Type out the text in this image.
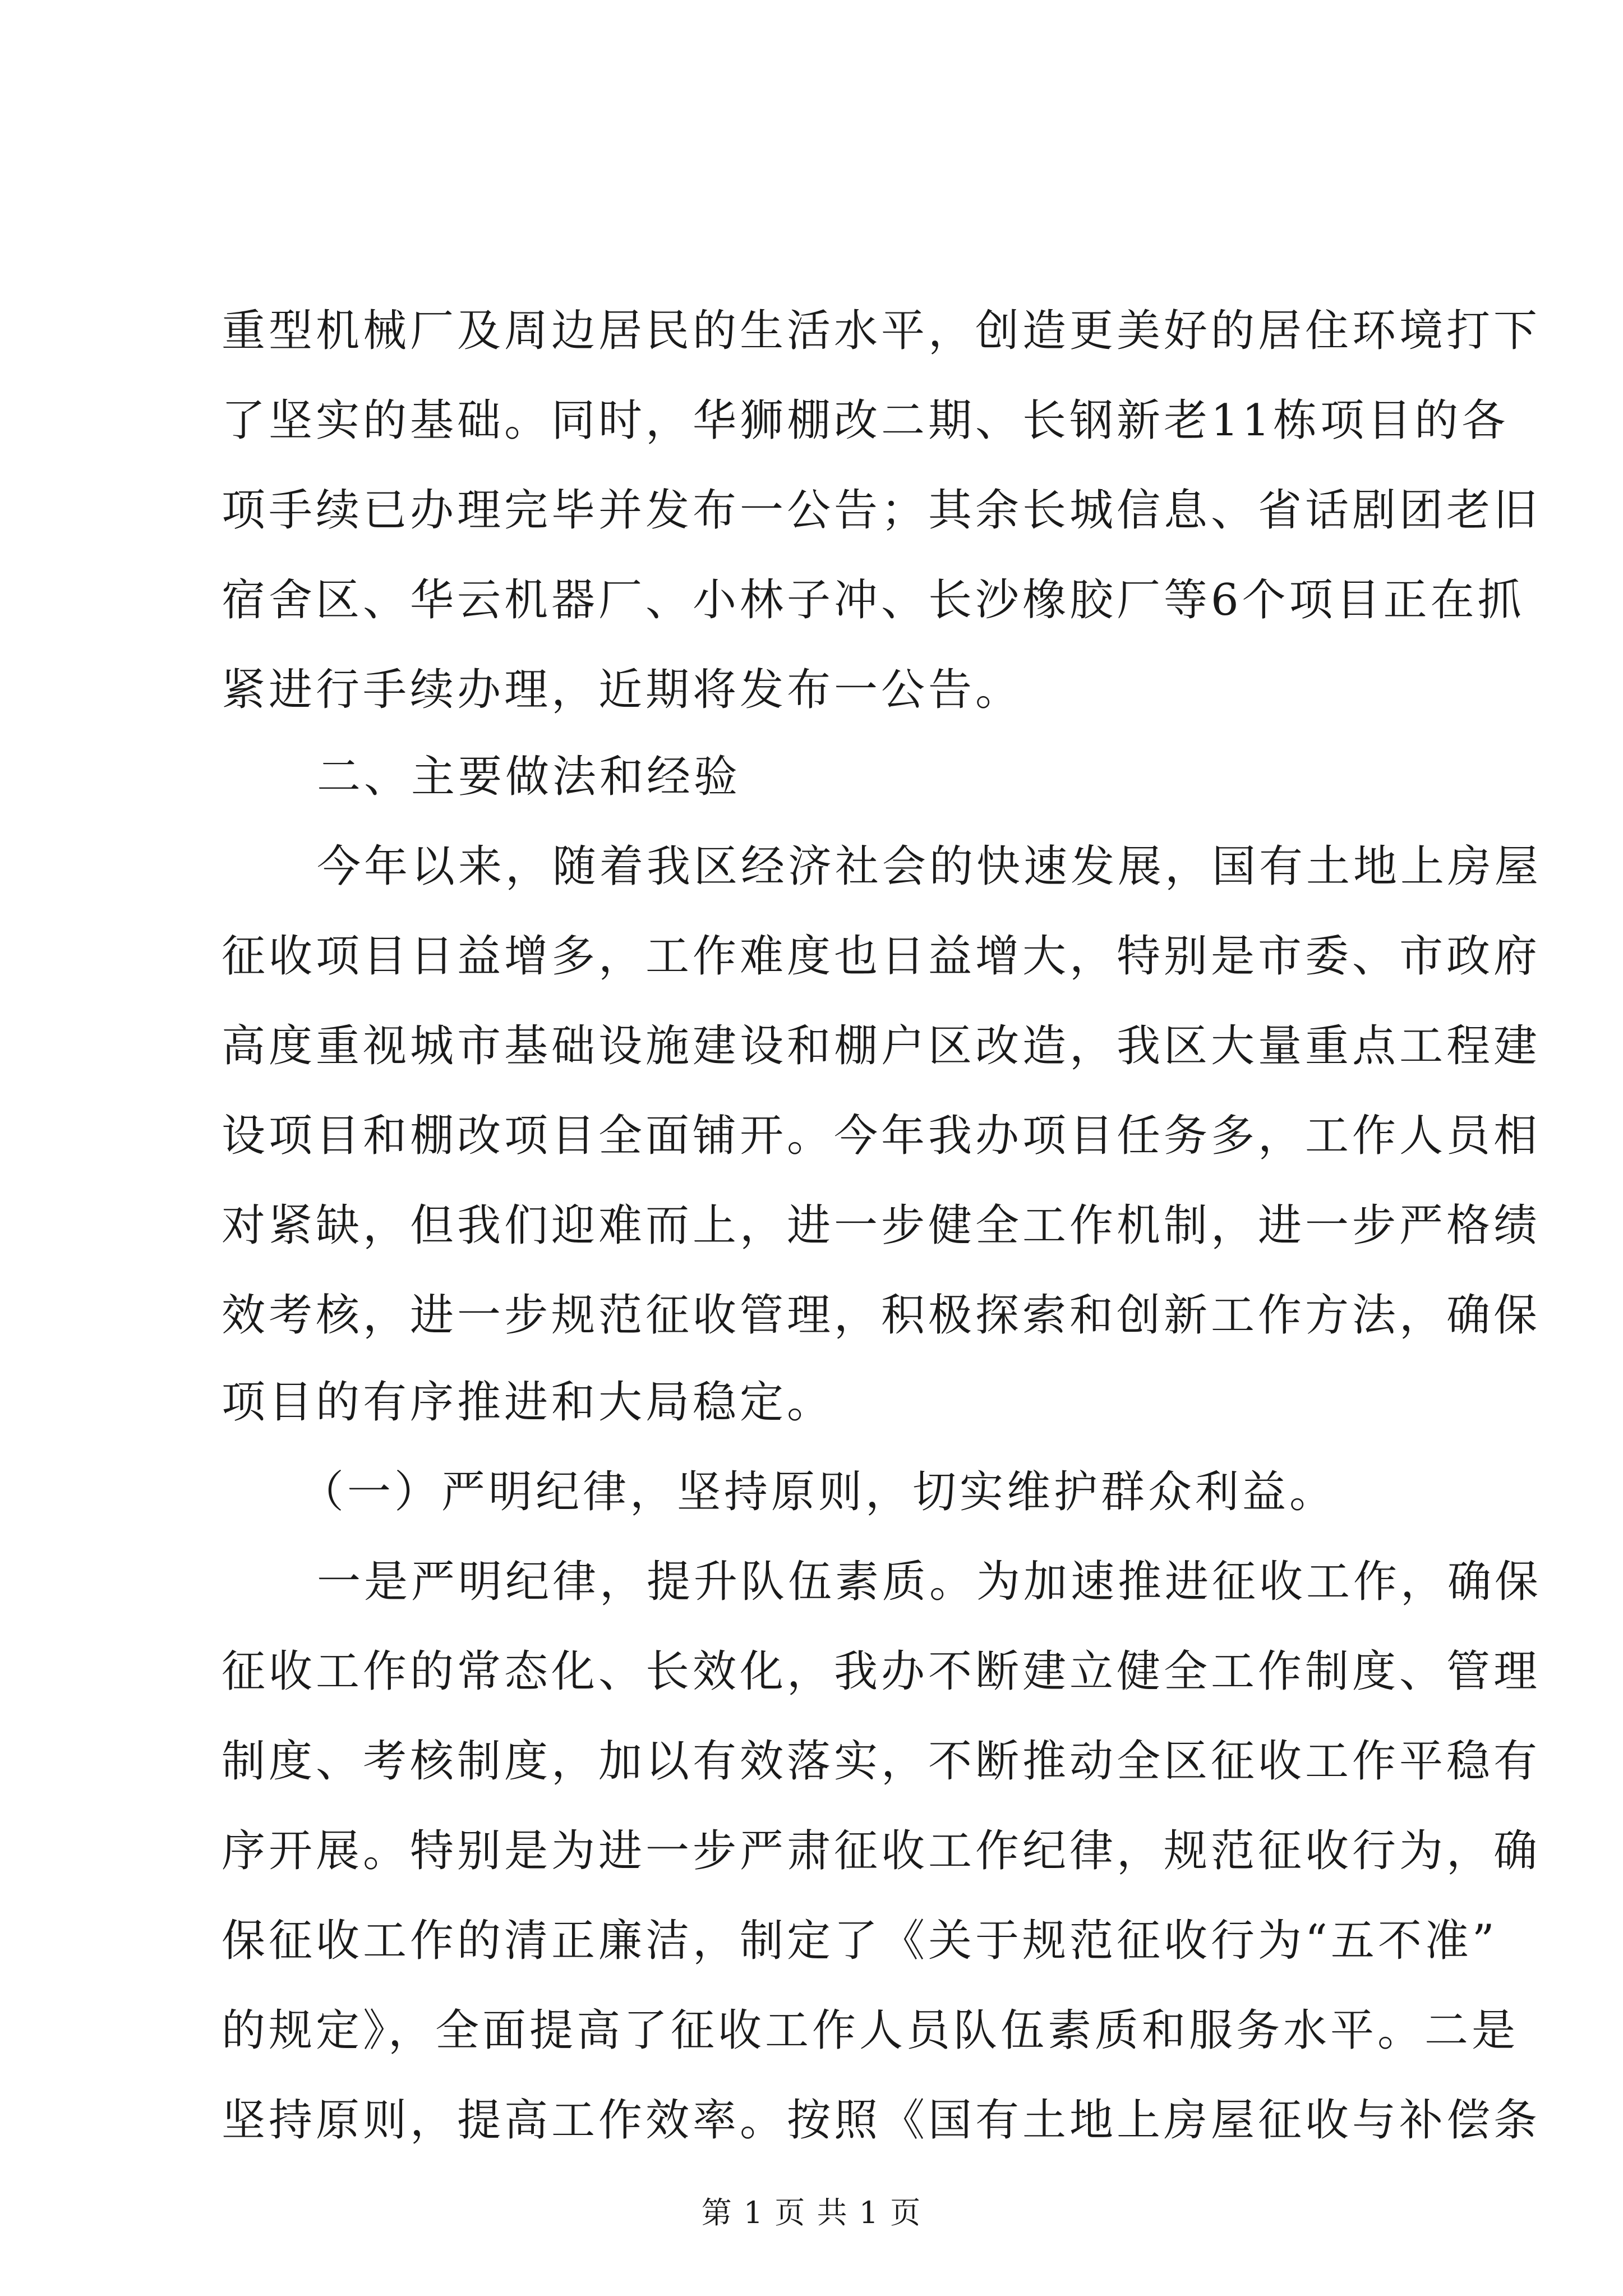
重型机械厂及周边居民的生活水平，创造更美好的居住环境打下
了坚实的基础。同时，华狮棚改二期、长钢新老11栋项目的各
项手续已办理完毕并发布一公告；其余长城信息、省话剧团老旧
宿舍区、华云机器厂、小林子冲、长沙橡胶厂等6个项目正在抓
紧进行手续办理，近期将发布一公告。
二、主要做法和经验
今年以来，随着我区经济社会的快速发展，国有土地上房屋
征收项目日益增多，工作难度也日益增大，特别是市委、市政府
高度重视城市基础设施建设和棚户区改造，我区大量重点工程建
设项目和棚改项目全面铺开。今年我办项目任务多，工作人员相
对紧缺，但我们迎难而上，进一步健全工作机制，进一步严格绩
效考核，进一步规范征收管理，积极探索和创新工作方法，确保
项目的有序推进和大局稳定。
（一）严明纪律，坚持原则，切实维护群众利益。
一是严明纪律，提升队伍素质。为加速推进征收工作，确保
征收工作的常态化、长效化，我办不断建立健全工作制度、管理
制度、考核制度，加以有效落实，不断推动全区征收工作平稳有
序开展。特别是为进一步严肃征收工作纪律，规范征收行为，确
保征收工作的清正廉洁，制定了《关于规范征收行为“五不准”
的规定》，全面提高了征收工作人员队伍素质和服务水平。二是
坚持原则，提高工作效率。按照《国有土地上房屋征收与补偿条
第 1 页 共 1 页
